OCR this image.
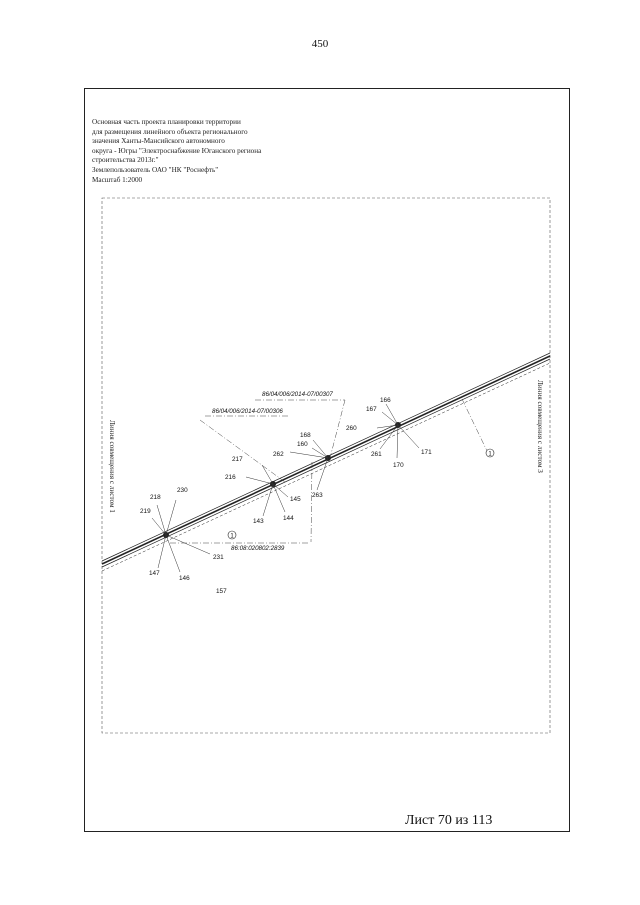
450
Основная часть проекта планировки территории
для размещения линейного объекта регионального
значения Ханты-Мансийского автономного
округа - Югры "Электроснабжение Юганского региона
строительства 2013г."
Землепользователь ОАО "НК "Роснефть"
Масштаб 1:2000
86/04/006/2014-07/00307
86/04/006/2014-07/00306
86:08:020802:2839
1
1
166
167
260
171
170
261
168
160
262
263
217
216
145
144
143
218
230
219
231
147
146
157
Линия совмещения с листом 1	Линия совмещения с листом 3
Лист 70 из 113
